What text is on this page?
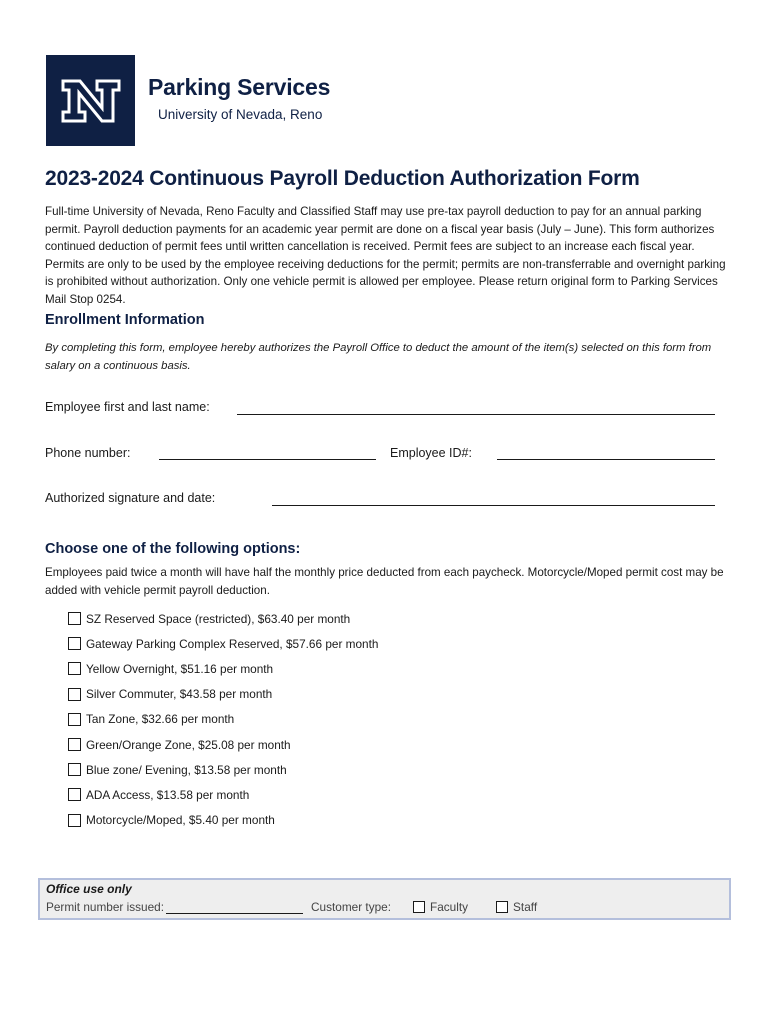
Parking Services
University of Nevada, Reno
2023-2024 Continuous Payroll Deduction Authorization Form
Full-time University of Nevada, Reno Faculty and Classified Staff may use pre-tax payroll deduction to pay for an annual parking permit. Payroll deduction payments for an academic year permit are done on a fiscal year basis (July – June). This form authorizes continued deduction of permit fees until written cancellation is received. Permit fees are subject to an increase each fiscal year. Permits are only to be used by the employee receiving deductions for the permit; permits are non-transferrable and overnight parking is prohibited without authorization. Only one vehicle permit is allowed per employee. Please return original form to Parking Services Mail Stop 0254.
Enrollment Information
By completing this form, employee hereby authorizes the Payroll Office to deduct the amount of the item(s) selected on this form from salary on a continuous basis.
Employee first and last name:
Phone number:	Employee ID#:
Authorized signature and date:
Choose one of the following options:
Employees paid twice a month will have half the monthly price deducted from each paycheck. Motorcycle/Moped permit cost may be added with vehicle permit payroll deduction.
SZ Reserved Space (restricted), $63.40 per month
Gateway Parking Complex Reserved, $57.66 per month
Yellow Overnight, $51.16 per month
Silver Commuter, $43.58 per month
Tan Zone, $32.66 per month
Green/Orange Zone, $25.08 per month
Blue zone/ Evening, $13.58 per month
ADA Access, $13.58 per month
Motorcycle/Moped, $5.40 per month
Office use only
Permit number issued:	Customer type:	Faculty	Staff
